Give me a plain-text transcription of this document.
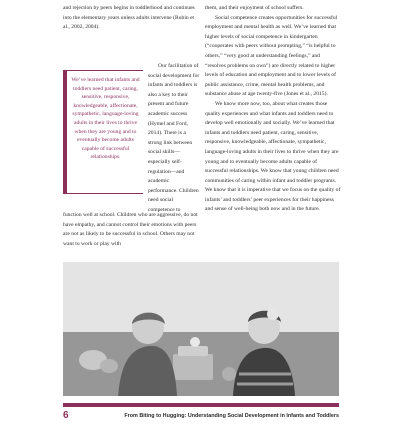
and rejection by peers begins in toddlerhood and continues into the elementary years unless adults intervene (Rubin et al., 2002, 2004).

We’ve learned that infants and toddlers need patient, caring, sensitive, responsive, knowledgeable, affectionate, sympathetic, language-loving adults in their lives to thrive when they are young and to eventually become adults capable of successful relationships.

Our facilitation of social development for infants and toddlers is also a key to their present and future academic success (Hymel and Ford, 2014). There is a strong link between social skills—especially self-regulation—and academic performance. Children need social competence to

function well at school. Children who are aggressive, do not have empathy, and cannot control their emotions with peers are not as likely to be successful in school. Others may not want to work or play with

them, and their enjoyment of school suffers.

Social competence creates opportunities for successful employment and mental health as well. We’ve learned that higher levels of social competence in kindergarten (“cooperates with peers without prompting,” “is helpful to others,” “very good at understanding feelings,” and “resolves problems on own”) are directly related to higher levels of education and employment and to lower levels of public assistance, crime, mental health problems, and substance abuse at age twenty-five (Jones et al., 2015).

We know more now, too, about what creates those quality experiences and what infants and toddlers need to develop well emotionally and socially. We’ve learned that infants and toddlers need patient, caring, sensitive, responsive, knowledgeable, affectionate, sympathetic, language-loving adults in their lives to thrive when they are young and to eventually become adults capable of successful relationships. We know that young children need communities of caring within infant and toddler programs. We know that it is imperative that we focus on the quality of infants’ and toddlers’ peer experiences for their happiness and sense of well-being both now and in the future.

6	From Biting to Hugging: Understanding Social Development in Infants and Toddlers
